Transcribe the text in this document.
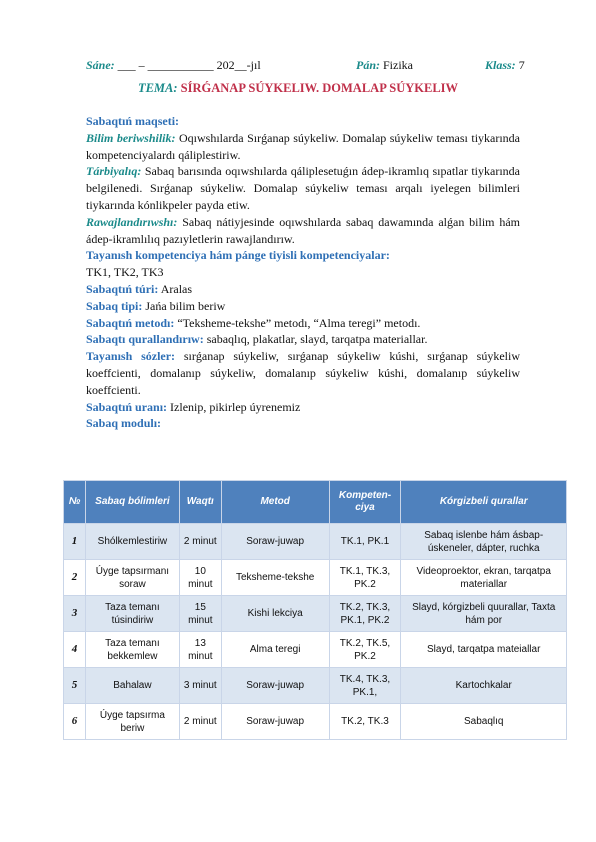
Sáne: ___ – ___________ 202__-jıl	Pán: Fizika	Klass: 7
TEMA: SÍRǴANAP SÚYKELIW. DOMALAP SÚYKELIW

Sabaqtıń maqseti:

Bilim beriwshilik: Oqıwshılarda Sırǵanap súykeliw. Domalap súykeliw teması tiykarında kompetenciyalardı qáliplestiriw.

Tárbiyalıq: Sabaq barısında oqıwshılarda qáliplesetuǵın ádep-ikramlıq sıpatlar tiykarında belgilenedi. Sırǵanap súykeliw. Domalap súykeliw teması arqalı iyelegen bilimleri tiykarında kónlikpeler payda etiw.

Rawajlandırıwshı: Sabaq nátiyjesinde oqıwshılarda sabaq dawamında alǵan bilim hám ádep-ikramlılıq pazıyletlerin rawajlandırıw.

Tayanısh kompetenciya hám pánge tiyisli kompetenciyalar:

TK1, TK2, TK3

Sabaqtıń túri: Aralas

Sabaq tipi: Jańa bilim beriw

Sabaqtıń metodı: “Teksheme-tekshe” metodı, “Alma teregi” metodı.

Sabaqtı qurallandırıw: sabaqlıq, plakatlar, slayd, tarqatpa materiallar.

Tayanısh sózler: sırǵanap súykeliw, sırǵanap súykeliw kúshi, sırǵanap súykeliw koeffcienti, domalanıp súykeliw, domalanıp súykeliw kúshi, domalanıp súykeliw koeffcienti.

Sabaqtıń uranı: Izlenip, pikirlep úyrenemiz

Sabaq modulı:

№	Sabaq bólimleri	Waqtı	Metod	Kompeten-ciya	Kórgizbeli qurallar
1	Shólkemlestiriw	2 minut	Soraw-juwap	TK.1, PK.1	Sabaq islenbe hám ásbap-úskeneler, dápter, ruchka
2	Úyge tapsırmanı soraw	10 minut	Teksheme-tekshe	TK.1, TK.3, PK.2	Videoproektor, ekran, tarqatpa materiallar
3	Taza temanı túsindiriw	15 minut	Kishi lekciya	TK.2, TK.3, PK.1, PK.2	Slayd, kórgizbeli quurallar, Taxta hám por
4	Taza temanı bekkemlew	13 minut	Alma teregi	TK.2, TK.5, PK.2	Slayd, tarqatpa mateiallar
5	Bahalaw	3 minut	Soraw-juwap	TK.4, TK.3, PK.1,	Kartochkalar
6	Úyge tapsırma beriw	2 minut	Soraw-juwap	TK.2, TK.3	Sabaqlıq
